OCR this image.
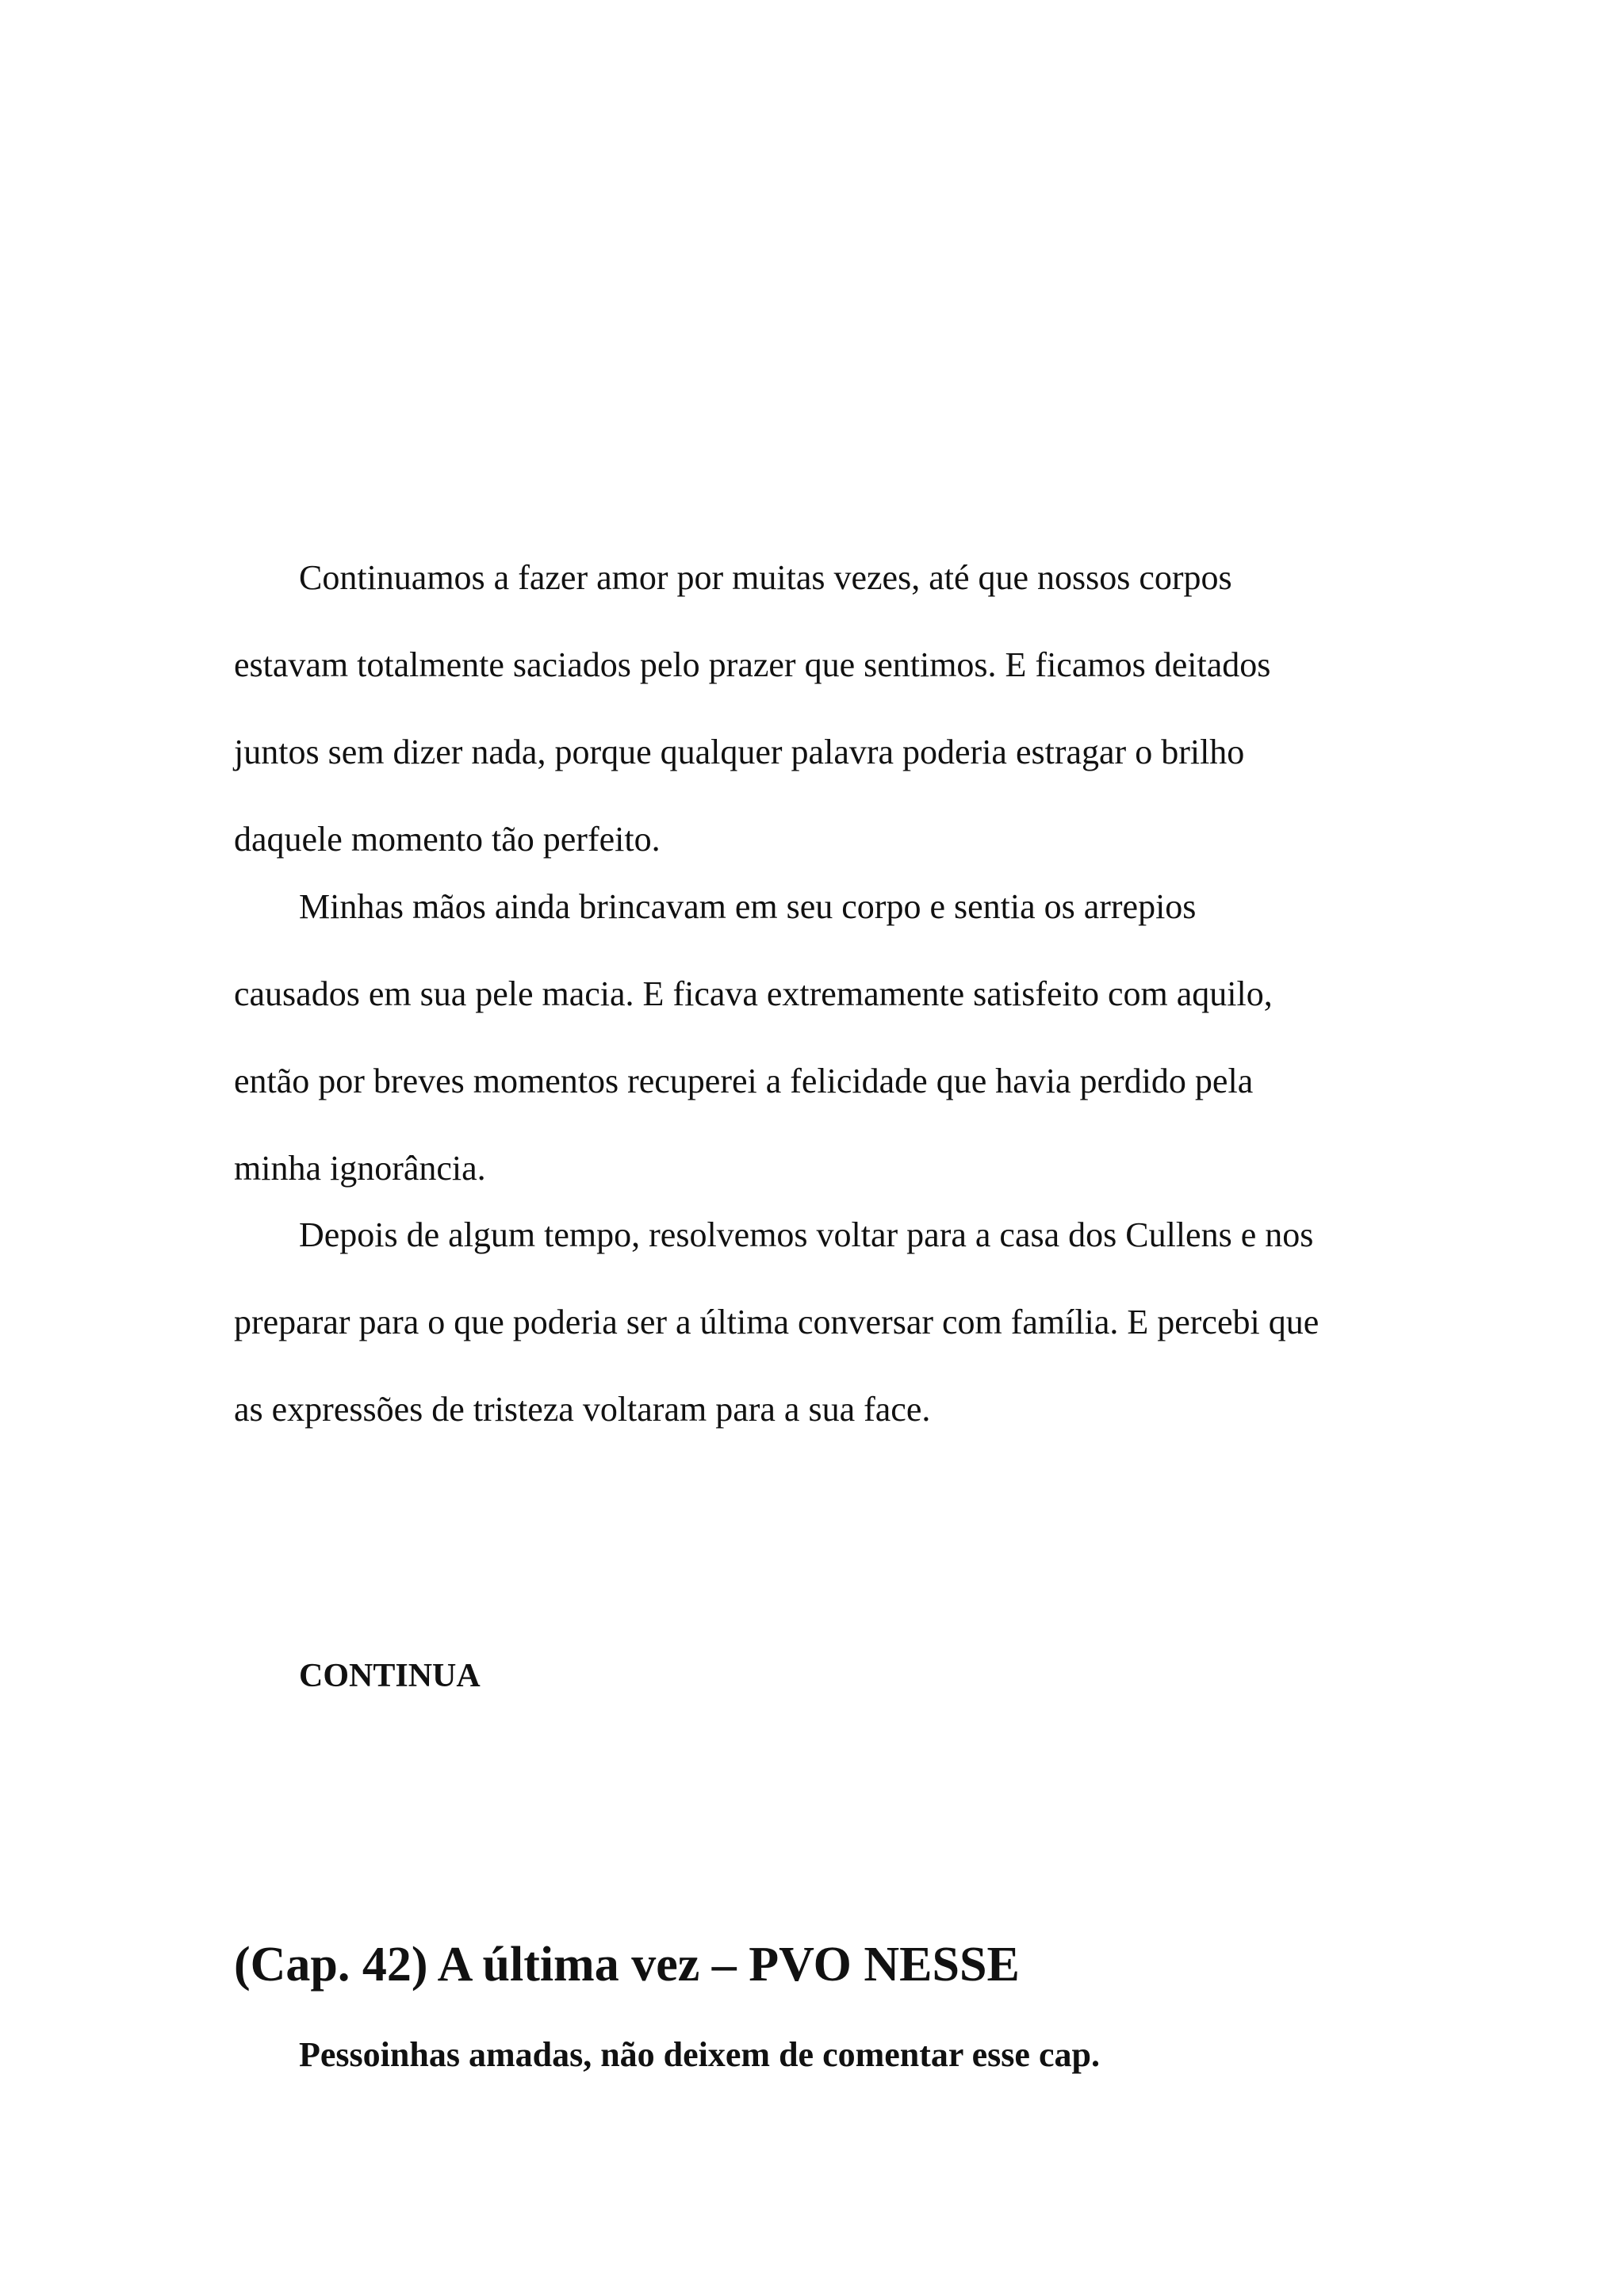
Continuamos a fazer amor por muitas vezes, até que nossos corpos

estavam totalmente saciados pelo prazer que sentimos. E ficamos deitados

juntos sem dizer nada, porque qualquer palavra poderia estragar o brilho

daquele momento tão perfeito.

Minhas mãos ainda brincavam em seu corpo e sentia os arrepios

causados em sua pele macia. E ficava extremamente satisfeito com aquilo,

então por breves momentos recuperei a felicidade que havia perdido pela

minha ignorância.

Depois de algum tempo, resolvemos voltar para a casa dos Cullens e nos

preparar para o que poderia ser a última conversar com família. E percebi que

as expressões de tristeza voltaram para a sua face.

CONTINUA

(Cap. 42) A última vez – PVO NESSE

Pessoinhas amadas, não deixem de comentar esse cap.
